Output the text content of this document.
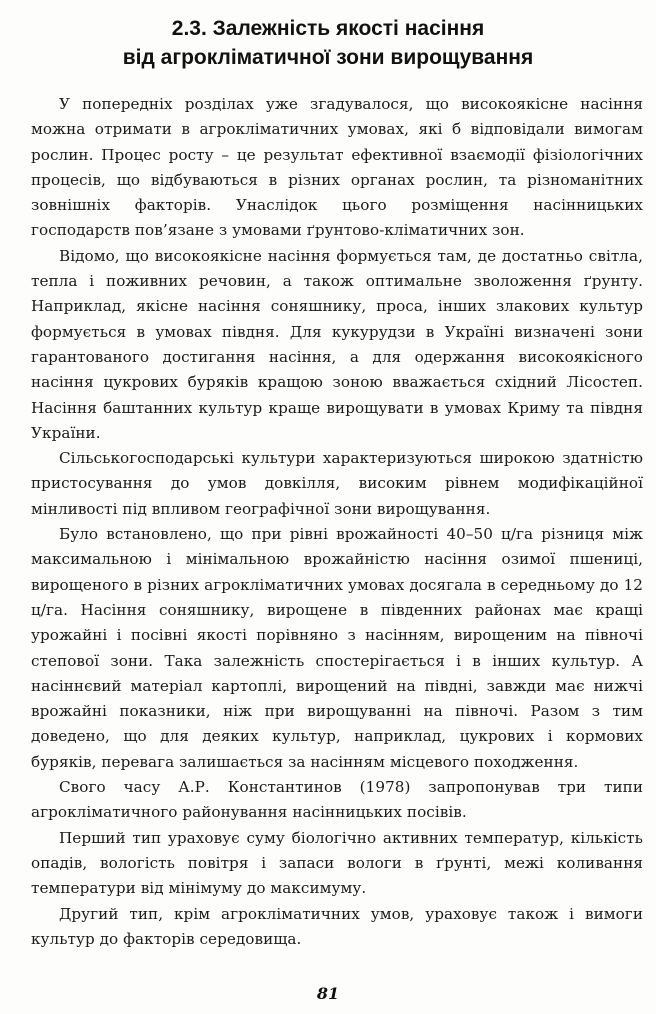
2.3. Залежність якості насіння
від агрокліматичної зони вирощування

У попередніх розділах уже згадувалося, що високоякісне насіння можна отримати в агрокліматичних умовах, які б відповідали вимогам рослин. Процес росту – це результат ефективної взаємодії фізіологічних процесів, що відбуваються в різних органах рослин, та різноманітних зовнішніх факторів. Унаслідок цього розміщення насінницьких господарств пов’язане з умовами ґрунтово-кліматичних зон.

Відомо, що високоякісне насіння формується там, де достатньо світла, тепла і поживних речовин, а також оптимальне зволоження ґрунту. Наприклад, якісне насіння соняшнику, проса, інших злакових культур формується в умовах півдня. Для кукурудзи в Україні визначені зони гарантованого достигання насіння, а для одержання високоякісного насіння цукрових буряків кращою зоною вважається східний Лісостеп. Насіння баштанних культур краще вирощувати в умовах Криму та півдня України.

Сільськогосподарські культури характеризуються широкою здатністю пристосування до умов довкілля, високим рівнем модифікаційної мінливості під впливом географічної зони вирощування.

Було встановлено, що при рівні врожайності 40–50 ц/га різниця між максимальною і мінімальною врожайністю насіння озимої пшениці, вирощеного в різних агрокліматичних умовах досягала в середньому до 12 ц/га. Насіння соняшнику, вирощене в південних районах має кращі урожайні і посівні якості порівняно з насінням, вирощеним на півночі степової зони. Така залежність спостерігається і в інших культур. А насіннєвий матеріал картоплі, вирощений на півдні, завжди має нижчі врожайні показники, ніж при вирощуванні на півночі. Разом з тим доведено, що для деяких культур, наприклад, цукрових і кормових буряків, перевага залишається за насінням місцевого походження.

Свого часу А.Р. Константинов (1978) запропонував три типи агрокліматичного районування насінницьких посівів.

Перший тип ураховує суму біологічно активних температур, кількість опадів, вологість повітря і запаси вологи в ґрунті, межі коливання температури від мінімуму до максимуму.

Другий тип, крім агрокліматичних умов, ураховує також і вимоги культур до факторів середовища.

81
